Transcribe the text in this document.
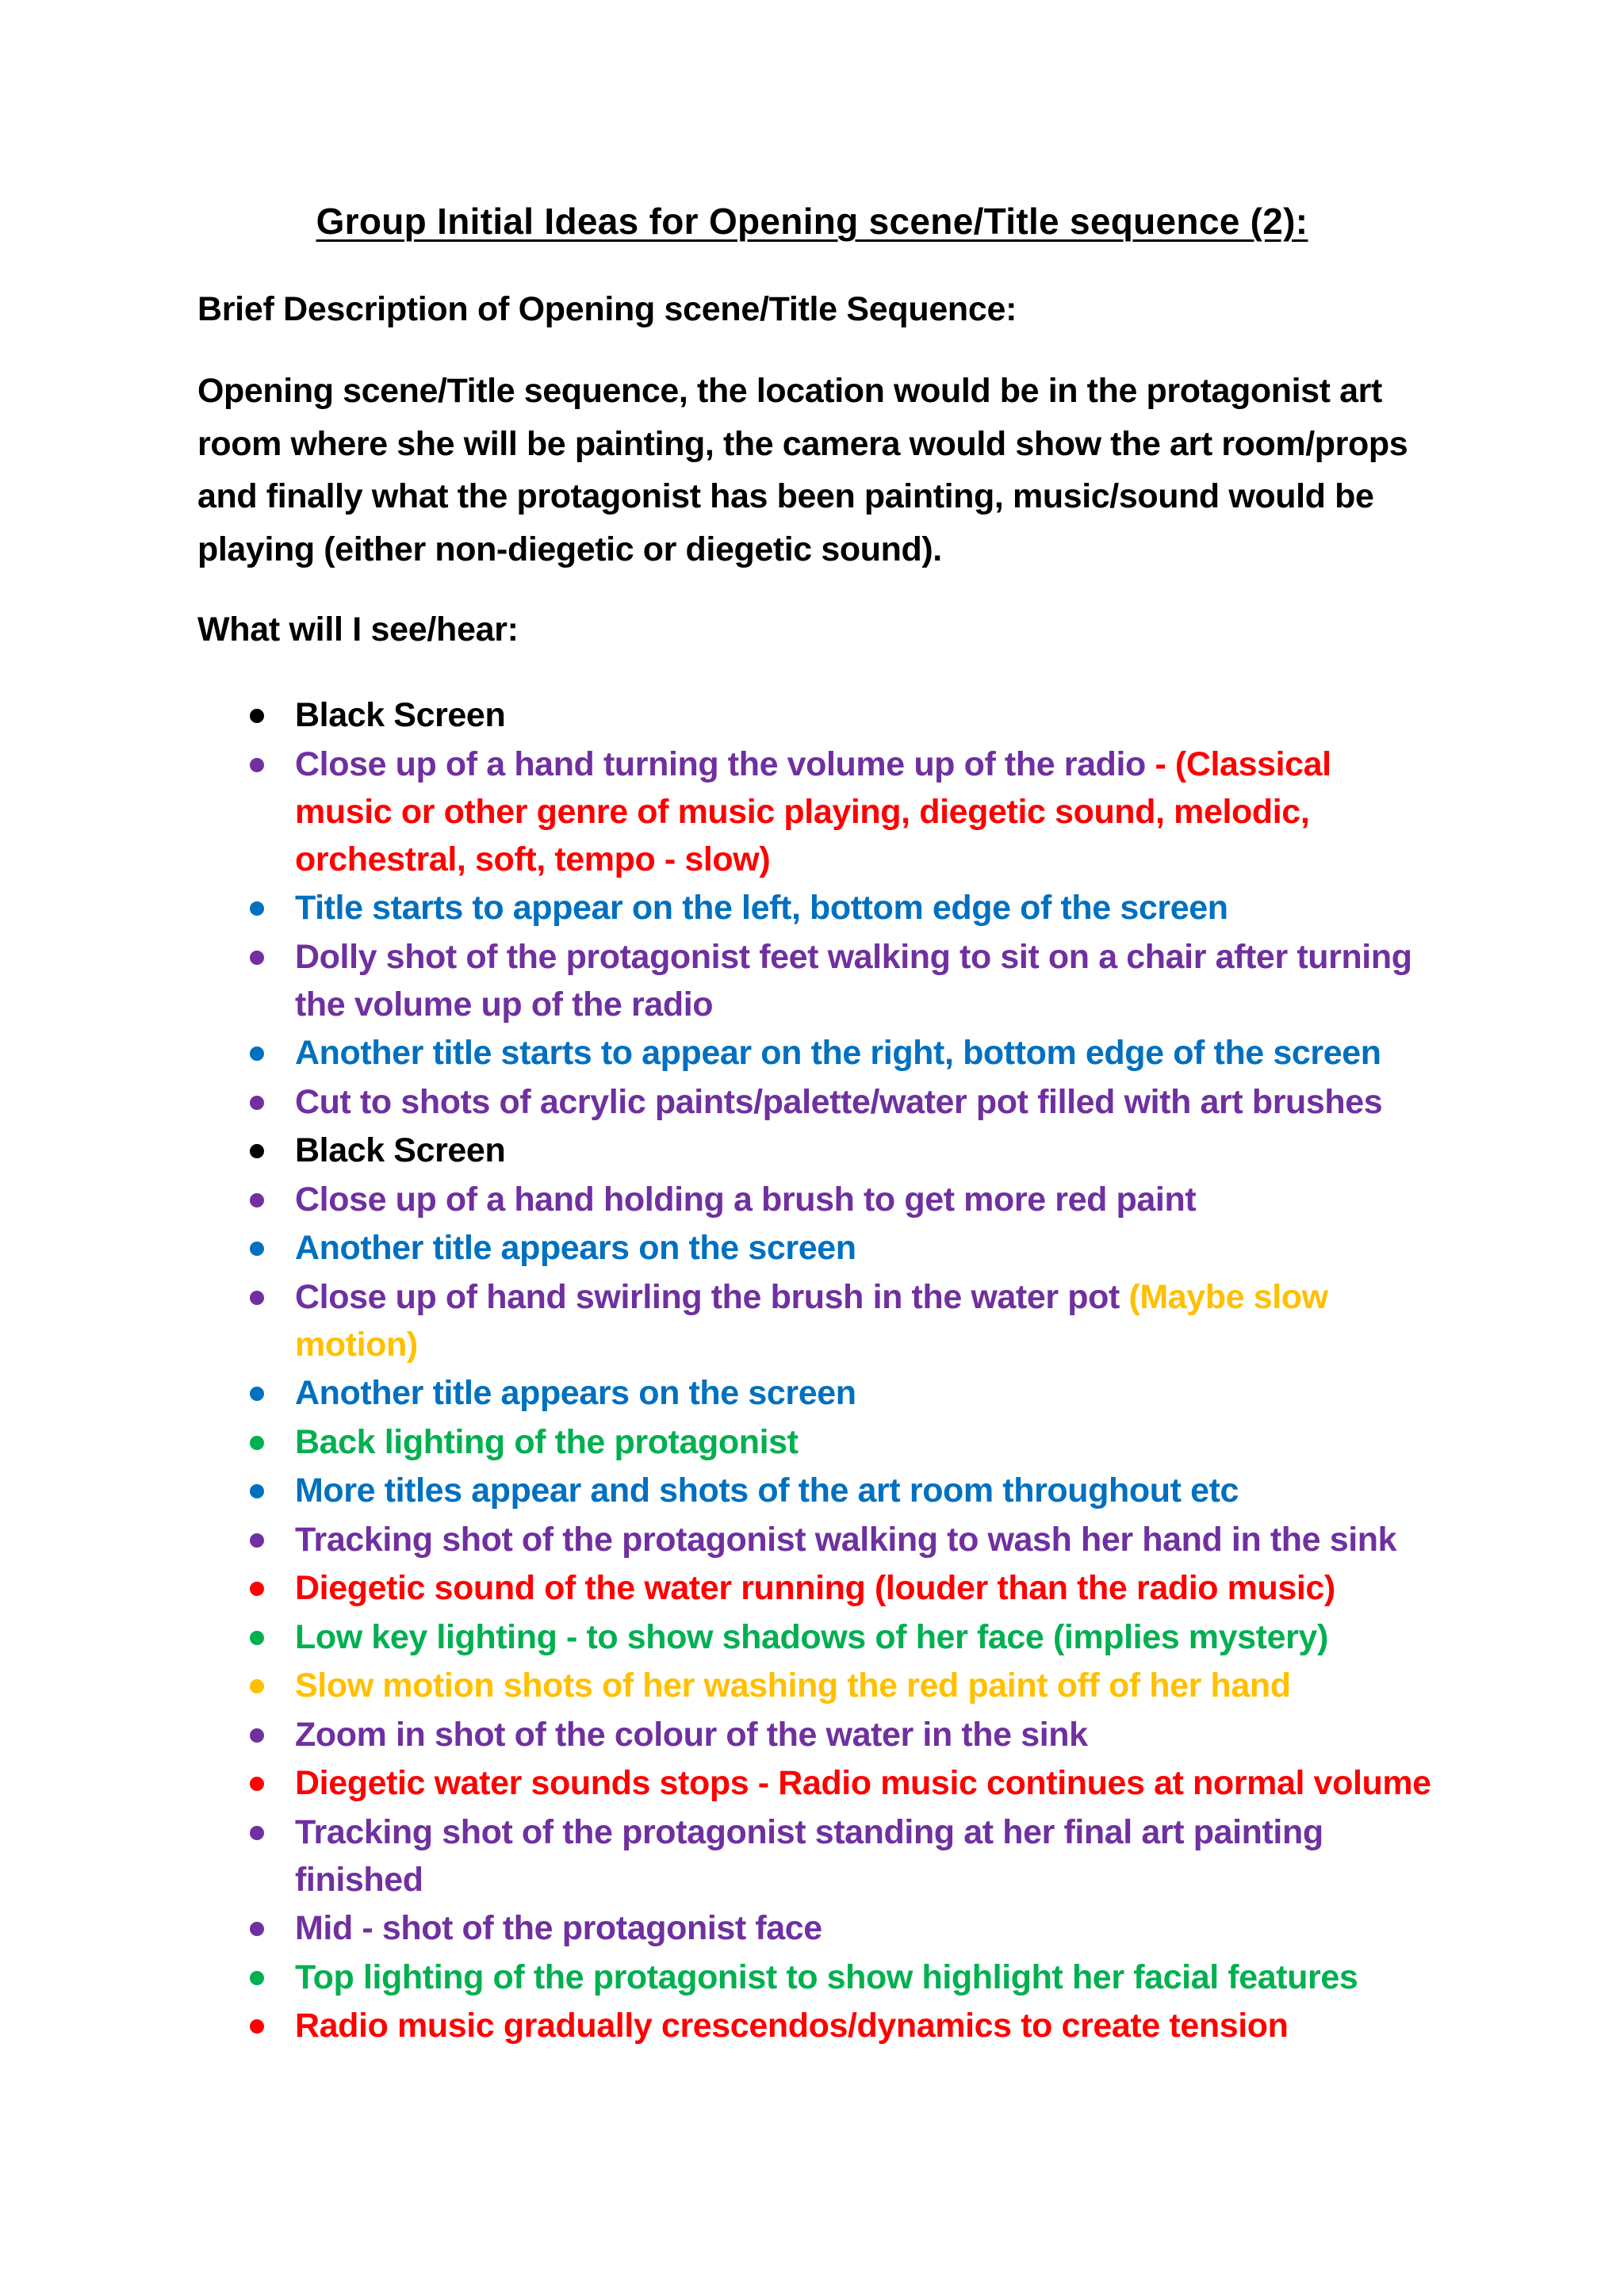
Group Initial Ideas for Opening scene/Title sequence (2):
Brief Description of Opening scene/Title Sequence:
Opening scene/Title sequence, the location would be in the protagonist art room where she will be painting, the camera would show the art room/props and finally what the protagonist has been painting, music/sound would be playing (either non-diegetic or diegetic sound).
What will I see/hear:
Black Screen
Close up of a hand turning the volume up of the radio - (Classical music or other genre of music playing, diegetic sound, melodic, orchestral, soft, tempo - slow)
Title starts to appear on the left, bottom edge of the screen
Dolly shot of the protagonist feet walking to sit on a chair after turning the volume up of the radio
Another title starts to appear on the right, bottom edge of the screen
Cut to shots of acrylic paints/palette/water pot filled with art brushes
Black Screen
Close up of a hand holding a brush to get more red paint
Another title appears on the screen
Close up of hand swirling the brush in the water pot (Maybe slow motion)
Another title appears on the screen
Back lighting of the protagonist
More titles appear and shots of the art room throughout etc
Tracking shot of the protagonist walking to wash her hand in the sink
Diegetic sound of the water running (louder than the radio music)
Low key lighting - to show shadows of her face (implies mystery)
Slow motion shots of her washing the red paint off of her hand
Zoom in shot of the colour of the water in the sink
Diegetic water sounds stops - Radio music continues at normal volume
Tracking shot of the protagonist standing at her final art painting finished
Mid - shot of the protagonist face
Top lighting of the protagonist to show highlight her facial features
Radio music gradually crescendos/dynamics to create tension
